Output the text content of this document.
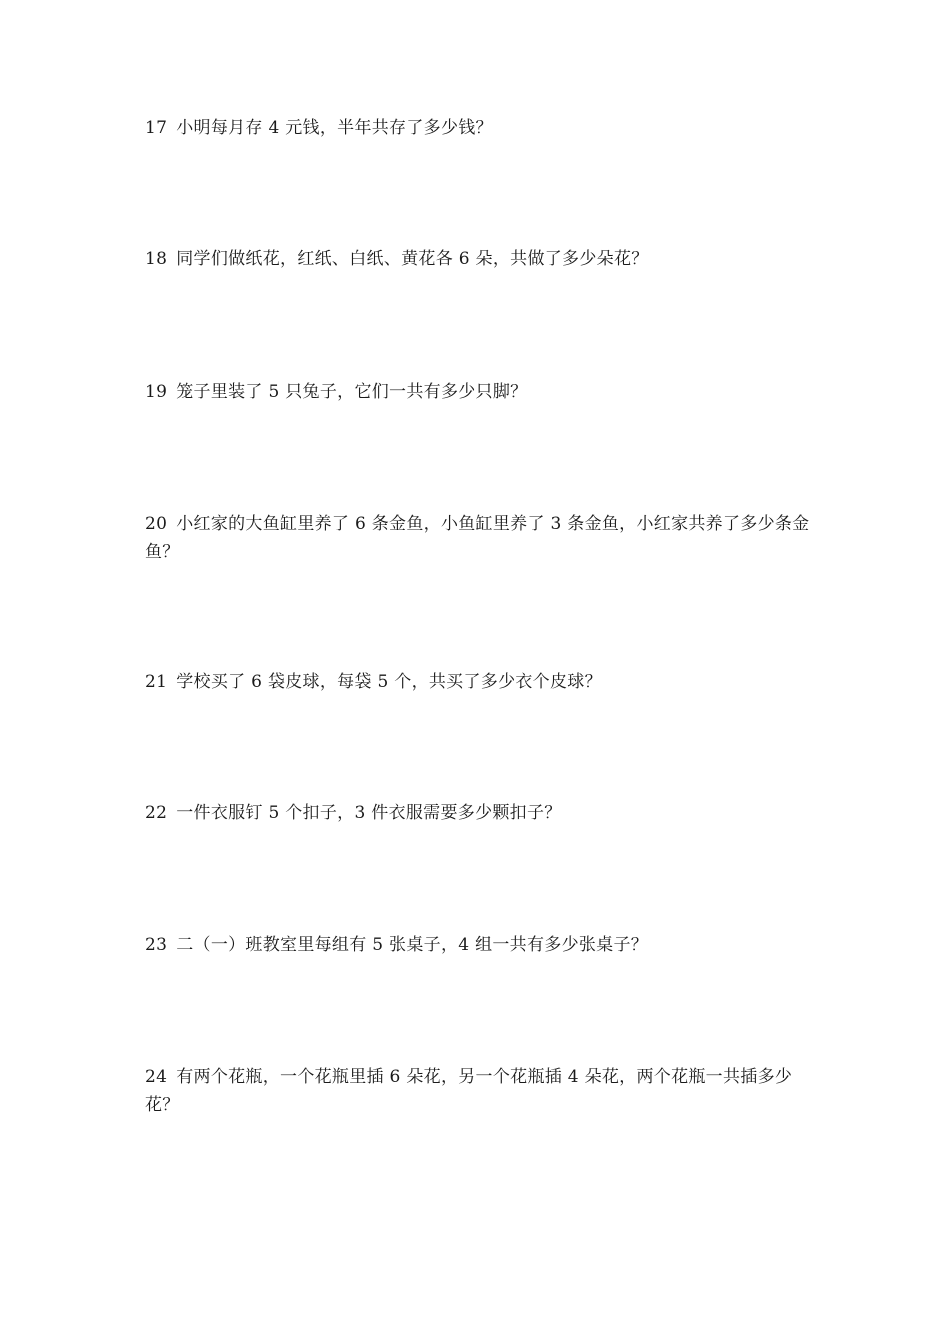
17 小明每月存 4 元钱，半年共存了多少钱？
18 同学们做纸花，红纸、白纸、黄花各 6 朵，共做了多少朵花？
19 笼子里装了 5 只兔子，它们一共有多少只脚？
20 小红家的大鱼缸里养了 6 条金鱼，小鱼缸里养了 3 条金鱼，小红家共养了多少条金鱼？
21 学校买了 6 袋皮球，每袋 5 个，共买了多少衣个皮球？
22 一件衣服钉 5 个扣子，3 件衣服需要多少颗扣子？
23 二（一）班教室里每组有 5 张桌子，4 组一共有多少张桌子？
24 有两个花瓶，一个花瓶里插 6 朵花，另一个花瓶插 4 朵花，两个花瓶一共插多少花？
